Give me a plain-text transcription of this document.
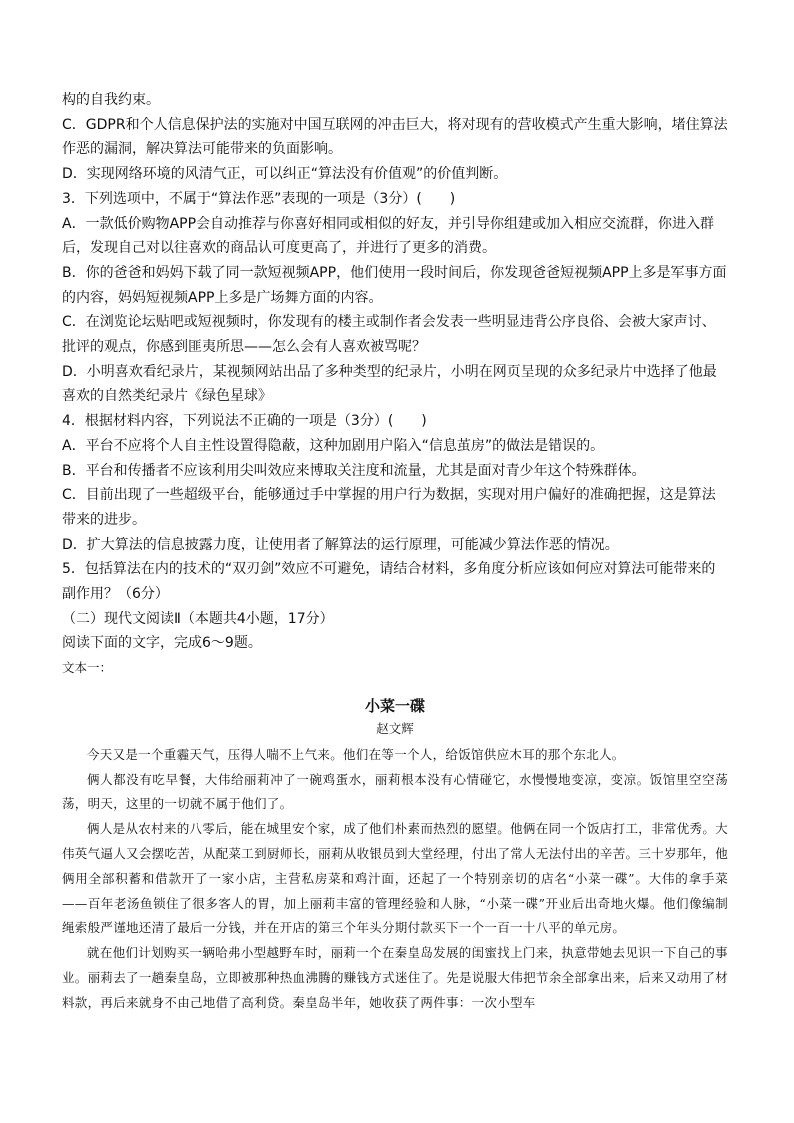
构的自我约束。

C．GDPR和个人信息保护法的实施对中国互联网的冲击巨大，将对现有的营收模式产生重大影响，堵住算法作恶的漏洞，解决算法可能带来的负面影响。

D．实现网络环境的风清气正，可以纠正“算法没有价值观”的价值判断。

3．下列选项中，不属于“算法作恶”表现的一项是（3分）(　　)

A．一款低价购物APP会自动推荐与你喜好相同或相似的好友，并引导你组建或加入相应交流群，你进入群后，发现自己对以往喜欢的商品认可度更高了，并进行了更多的消费。

B．你的爸爸和妈妈下载了同一款短视频APP，他们使用一段时间后，你发现爸爸短视频APP上多是军事方面的内容，妈妈短视频APP上多是广场舞方面的内容。

C．在浏览论坛贴吧或短视频时，你发现有的楼主或制作者会发表一些明显违背公序良俗、会被大家声讨、批评的观点，你感到匪夷所思——怎么会有人喜欢被骂呢？

D．小明喜欢看纪录片，某视频网站出品了多种类型的纪录片，小明在网页呈现的众多纪录片中选择了他最喜欢的自然类纪录片《绿色星球》

4．根据材料内容，下列说法不正确的一项是（3分）(　　)

A．平台不应将个人自主性设置得隐蔽，这种加剧用户陷入“信息茧房”的做法是错误的。

B．平台和传播者不应该利用尖叫效应来博取关注度和流量，尤其是面对青少年这个特殊群体。

C．目前出现了一些超级平台，能够通过手中掌握的用户行为数据，实现对用户偏好的准确把握，这是算法带来的进步。

D．扩大算法的信息披露力度，让使用者了解算法的运行原理，可能减少算法作恶的情况。

5．包括算法在内的技术的“双刃剑”效应不可避免，请结合材料，多角度分析应该如何应对算法可能带来的副作用？（6分）

（二）现代文阅读Ⅱ（本题共4小题，17分）

阅读下面的文字，完成6～9题。

文本一：

小菜一碟
赵文辉

今天又是一个重霾天气，压得人喘不上气来。他们在等一个人，给饭馆供应木耳的那个东北人。

俩人都没有吃早餐，大伟给丽莉冲了一碗鸡蛋水，丽莉根本没有心情碰它，水慢慢地变凉，变凉。饭馆里空空荡荡，明天，这里的一切就不属于他们了。

俩人是从农村来的八零后，能在城里安个家，成了他们朴素而热烈的愿望。他俩在同一个饭店打工，非常优秀。大伟英气逼人又会摆吃苦，从配菜工到厨师长，丽莉从收银员到大堂经理，付出了常人无法付出的辛苦。三十岁那年，他俩用全部积蓄和借款开了一家小店，主营私房菜和鸡汁面，还起了一个特别亲切的店名“小菜一碟”。大伟的拿手菜——百年老汤鱼锁住了很多客人的胃，加上丽莉丰富的管理经验和人脉，“小菜一碟”开业后出奇地火爆。他们像编制绳索般严谨地还清了最后一分钱，并在开店的第三个年头分期付款买下一个一百一十八平的单元房。

就在他们计划购买一辆哈弗小型越野车时，丽莉一个在秦皇岛发展的闺蜜找上门来，执意带她去见识一下自己的事业。丽莉去了一趟秦皇岛，立即被那种热血沸腾的赚钱方式迷住了。先是说服大伟把节余全部拿出来，后来又动用了材料款，再后来就身不由己地借了高利贷。秦皇岛半年，她收获了两件事：一次小型车
